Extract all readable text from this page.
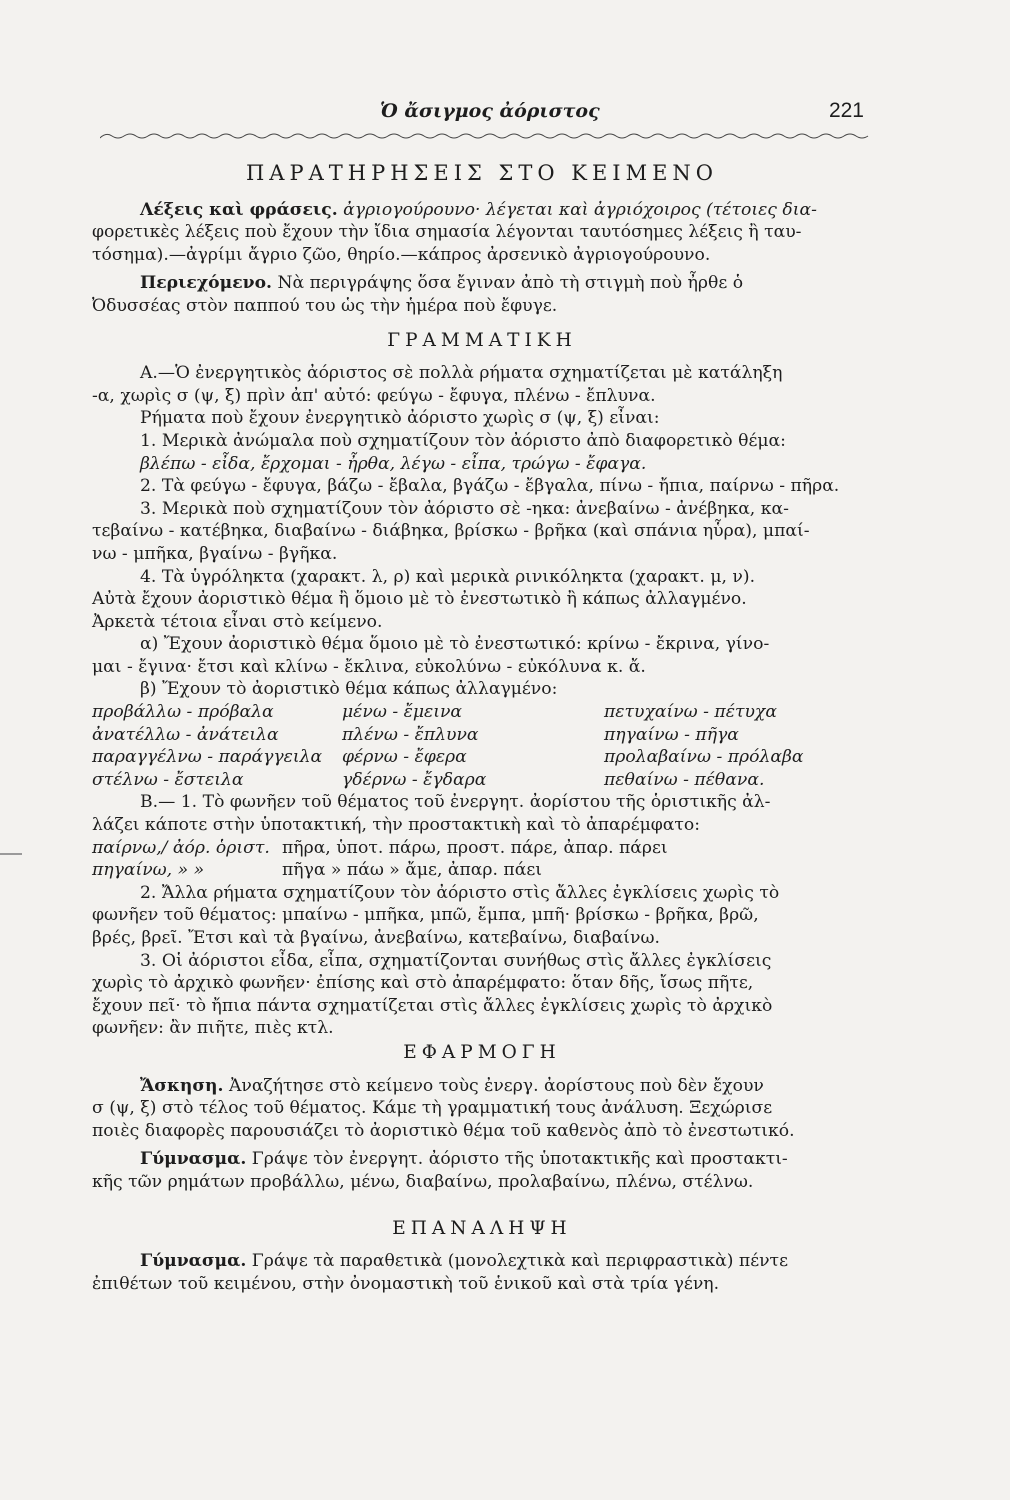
Ὁ ἄσιγμος ἀόριστος	221
ΠΑΡΑΤΗΡΗΣΕΙΣ ΣΤΟ ΚΕΙΜΕΝΟ

Λέξεις καὶ φράσεις. ἀγριογούρουνο· λέγεται καὶ ἀγριόχοιρος (τέτοιες δια-

φορετικὲς λέξεις ποὺ ἔχουν τὴν ἴδια σημασία λέγονται ταυτόσημες λέξεις ἢ ταυ-

τόσημα).—ἀγρίμι ἄγριο ζῶο, θηρίο.—κάπρος ἀρσενικὸ ἀγριογούρουνο.

Περιεχόμενο. Νὰ περιγράψης ὅσα ἔγιναν ἀπὸ τὴ στιγμὴ ποὺ ἦρθε ὁ

Ὀδυσσέας στὸν παππού του ὡς τὴν ἡμέρα ποὺ ἔφυγε.

ΓΡΑΜΜΑΤΙΚΗ

Α.—Ὁ ἐνεργητικὸς ἀόριστος σὲ πολλὰ ρήματα σχηματίζεται μὲ κατάληξη

-α, χωρὶς σ (ψ, ξ) πρὶν ἀπ' αὐτό: φεύγω - ἔφυγα, πλένω - ἔπλυνα.

Ρήματα ποὺ ἔχουν ἐνεργητικὸ ἀόριστο χωρὶς σ (ψ, ξ) εἶναι:

1. Μερικὰ ἀνώμαλα ποὺ σχηματίζουν τὸν ἀόριστο ἀπὸ διαφορετικὸ θέμα:

βλέπω - εἶδα, ἔρχομαι - ἦρθα, λέγω - εἶπα, τρώγω - ἔφαγα.

2. Τὰ φεύγω - ἔφυγα, βάζω - ἔβαλα, βγάζω - ἔβγαλα, πίνω - ἤπια, παίρνω - πῆρα.

3. Μερικὰ ποὺ σχηματίζουν τὸν ἀόριστο σὲ -ηκα: ἀνεβαίνω - ἀνέβηκα, κα-

τεβαίνω - κατέβηκα, διαβαίνω - διάβηκα, βρίσκω - βρῆκα (καὶ σπάνια ηὗρα), μπαί-

νω - μπῆκα, βγαίνω - βγῆκα.

4. Τὰ ὑγρόληκτα (χαρακτ. λ, ρ) καὶ μερικὰ ρινικόληκτα (χαρακτ. μ, ν).

Αὐτὰ ἔχουν ἀοριστικὸ θέμα ἢ ὅμοιο μὲ τὸ ἐνεστωτικὸ ἢ κάπως ἀλλαγμένο.

Ἀρκετὰ τέτοια εἶναι στὸ κείμενο.

α) Ἔχουν ἀοριστικὸ θέμα ὅμοιο μὲ τὸ ἐνεστωτικό: κρίνω - ἔκρινα, γίνο-

μαι - ἔγινα· ἔτσι καὶ κλίνω - ἔκλινα, εὐκολύνω - εὐκόλυνα κ. ἄ.

β) Ἔχουν τὸ ἀοριστικὸ θέμα κάπως ἀλλαγμένο:

προβάλλω - πρόβαλα	μένω - ἔμεινα	πετυχαίνω - πέτυχα
ἀνατέλλω - ἀνάτειλα	πλένω - ἔπλυνα	πηγαίνω - πῆγα
παραγγέλνω - παράγγειλα	φέρνω - ἔφερα	προλαβαίνω - πρόλαβα
στέλνω - ἔστειλα	γδέρνω - ἔγδαρα	πεθαίνω - πέθανα.

Β.— 1. Τὸ φωνῆεν τοῦ θέματος τοῦ ἐνεργητ. ἀορίστου τῆς ὁριστικῆς ἀλ-

λάζει κάποτε στὴν ὑποτακτική, τὴν προστακτικὴ καὶ τὸ ἀπαρέμφατο:

παίρνω,/ ἀόρ. ὁριστ. πῆρα, ὑποτ. πάρω, προστ. πάρε, ἀπαρ. πάρει
πηγαίνω, » »	πῆγα » πάω » ἄμε, ἀπαρ. πάει

2. Ἄλλα ρήματα σχηματίζουν τὸν ἀόριστο στὶς ἄλλες ἐγκλίσεις χωρὶς τὸ

φωνῆεν τοῦ θέματος: μπαίνω - μπῆκα, μπῶ, ἔμπα, μπῆ· βρίσκω - βρῆκα, βρῶ,

βρές, βρεῖ. Ἔτσι καὶ τὰ βγαίνω, ἀνεβαίνω, κατεβαίνω, διαβαίνω.

3. Οἱ ἀόριστοι εἶδα, εἶπα, σχηματίζονται συνήθως στὶς ἄλλες ἐγκλίσεις

χωρὶς τὸ ἀρχικὸ φωνῆεν· ἐπίσης καὶ στὸ ἀπαρέμφατο: ὅταν δῆς, ἴσως πῆτε,

ἔχουν πεῖ· τὸ ἤπια πάντα σχηματίζεται στὶς ἄλλες ἐγκλίσεις χωρὶς τὸ ἀρχικὸ

φωνῆεν: ἂν πιῆτε, πιὲς κτλ.

ΕΦΑΡΜΟΓΗ

Ἄσκηση. Ἀναζήτησε στὸ κείμενο τοὺς ἐνεργ. ἀορίστους ποὺ δὲν ἔχουν

σ (ψ, ξ) στὸ τέλος τοῦ θέματος. Κάμε τὴ γραμματική τους ἀνάλυση. Ξεχώρισε

ποιὲς διαφορὲς παρουσιάζει τὸ ἀοριστικὸ θέμα τοῦ καθενὸς ἀπὸ τὸ ἐνεστωτικό.

Γύμνασμα. Γράψε τὸν ἐνεργητ. ἀόριστο τῆς ὑποτακτικῆς καὶ προστακτι-

κῆς τῶν ρημάτων προβάλλω, μένω, διαβαίνω, προλαβαίνω, πλένω, στέλνω.

ΕΠΑΝΑΛΗΨΗ

Γύμνασμα. Γράψε τὰ παραθετικὰ (μονολεχτικὰ καὶ περιφραστικὰ) πέντε

ἐπιθέτων τοῦ κειμένου, στὴν ὀνομαστικὴ τοῦ ἑνικοῦ καὶ στὰ τρία γένη.
